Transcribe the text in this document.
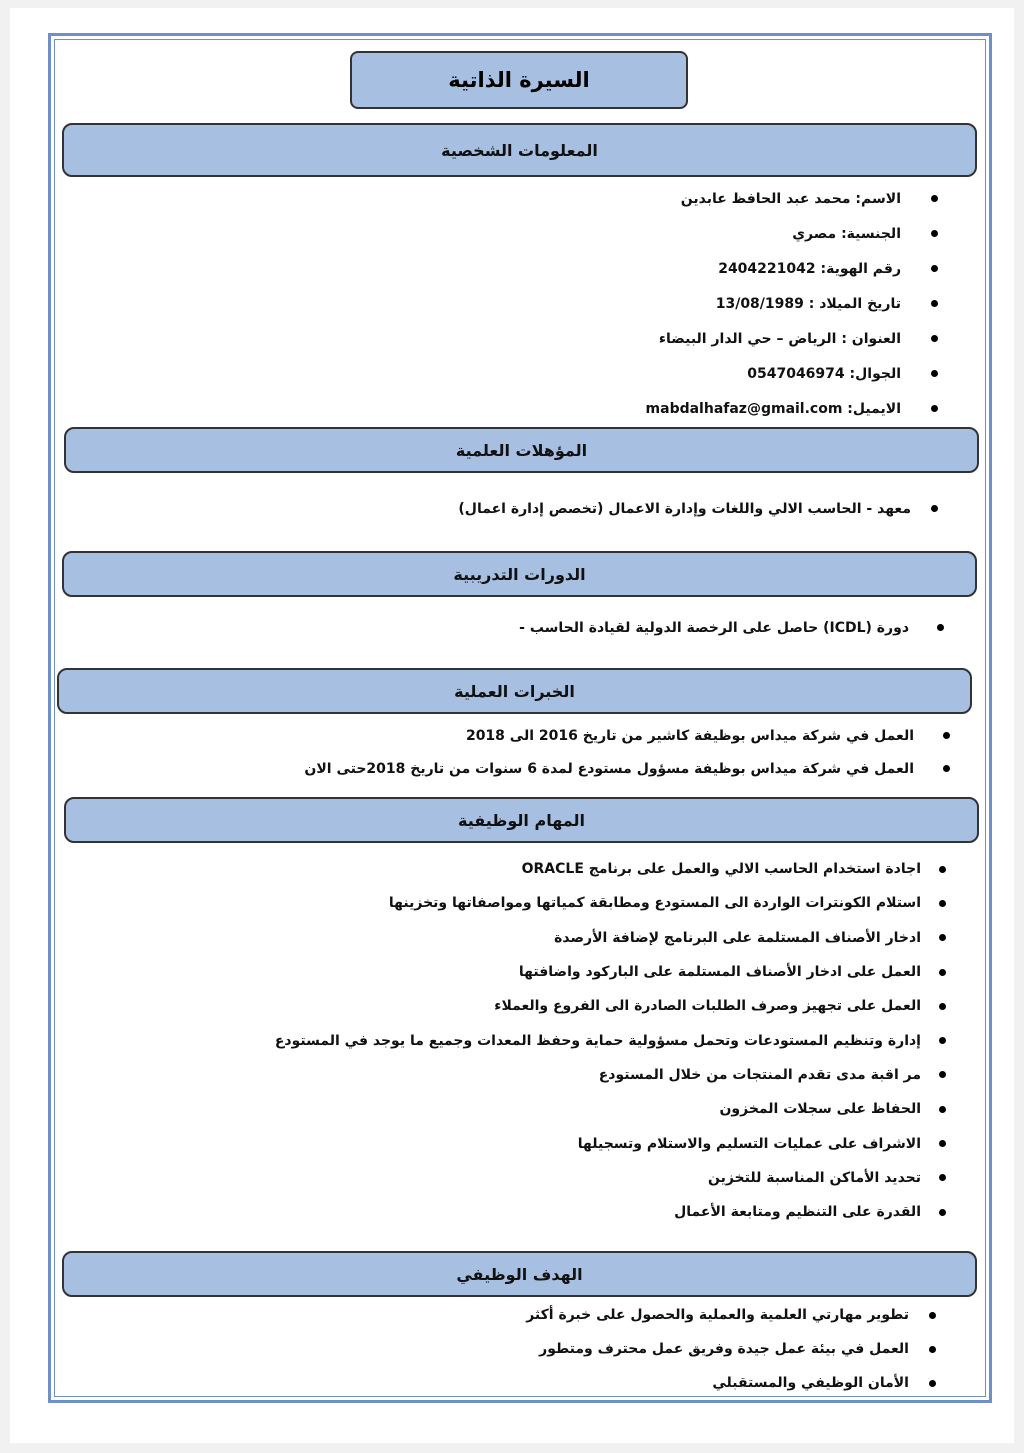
السيرة الذاتية
المعلومات الشخصية
الاسم: محمد عبد الحافظ عابدين
الجنسية: مصري
رقم الهوية: 2404221042
تاريخ الميلاد : 13/08/1989
العنوان : الرياض – حي الدار البيضاء
الجوال: 0547046974
الايميل: mabdalhafaz@gmail.com
المؤهلات العلمية
معهد - الحاسب الالي واللغات وإدارة الاعمال (تخصص إدارة اعمال)
الدورات التدريبية
دورة (ICDL) حاصل على الرخصة الدولية لقيادة الحاسب -
الخبرات العملية
العمل في شركة ميداس بوظيفة كاشير من تاريخ 2016 الى 2018
العمل في شركة ميداس بوظيفة مسؤول مستودع لمدة 6 سنوات من تاريخ 2018حتى الان
المهام الوظيفية
اجادة استخدام الحاسب الالي والعمل على برنامج ORACLE
استلام الكونترات الواردة الى المستودع ومطابقة كمياتها ومواصفاتها وتخزينها
ادخار الأصناف المستلمة على البرنامج لإضافة الأرصدة
العمل على ادخار الأصناف المستلمة على الباركود واضافتها
العمل على تجهيز وصرف الطلبات الصادرة الى الفروع والعملاء
إدارة وتنظيم المستودعات وتحمل مسؤولية حماية وحفظ المعدات وجميع ما يوجد في المستودع
مر اقبة مدى تقدم المنتجات من خلال المستودع
الحفاظ على سجلات المخزون
الاشراف على عمليات التسليم والاستلام وتسجيلها
تحديد الأماكن المناسبة للتخزين
القدرة على التنظيم ومتابعة الأعمال
الهدف الوظيفي
تطوير مهارتي العلمية والعملية والحصول على خبرة أكثر
العمل في بيئة عمل جيدة وفريق عمل محترف ومتطور
الأمان الوظيفي والمستقبلي
